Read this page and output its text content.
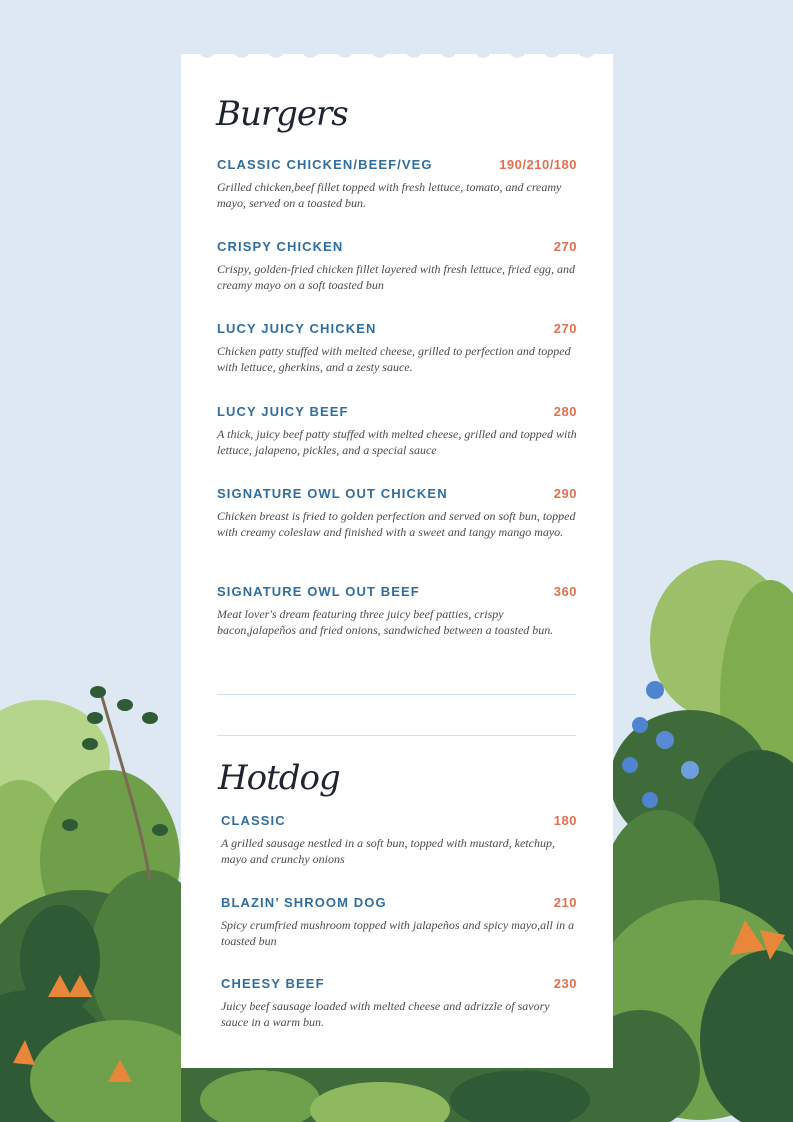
Burgers
CLASSIC CHICKEN/BEEF/VEG	190/210/180
Grilled chicken,beef fillet topped with fresh lettuce, tomato, and creamy mayo, served on a toasted bun.
CRISPY CHICKEN	270
Crispy, golden-fried chicken fillet layered with fresh lettuce, fried egg, and creamy mayo on a soft toasted bun
LUCY JUICY CHICKEN	270
Chicken patty stuffed with melted cheese, grilled to perfection and topped with lettuce, gherkins, and a zesty sauce.
LUCY JUICY BEEF	280
A thick, juicy beef patty stuffed with melted cheese, grilled and topped with lettuce, jalapeno, pickles, and a special sauce
SIGNATURE OWL OUT CHICKEN	290
Chicken breast is fried to golden perfection and served on soft bun, topped with creamy coleslaw and finished with a sweet and tangy mango mayo.
SIGNATURE OWL OUT BEEF	360
Meat lover's dream featuring three juicy beef patties, crispy bacon,jalapeños and fried onions, sandwiched between a toasted bun.
Hotdog
CLASSIC	180
A grilled sausage nestled in a soft bun, topped with mustard, ketchup, mayo and crunchy onions
BLAZIN’ SHROOM DOG	210
Spicy crumfried mushroom topped with jalapeños and spicy mayo,all in a toasted bun
CHEESY BEEF	230
Juicy beef sausage loaded with melted cheese and adrizzle of savory sauce in a warm bun.
